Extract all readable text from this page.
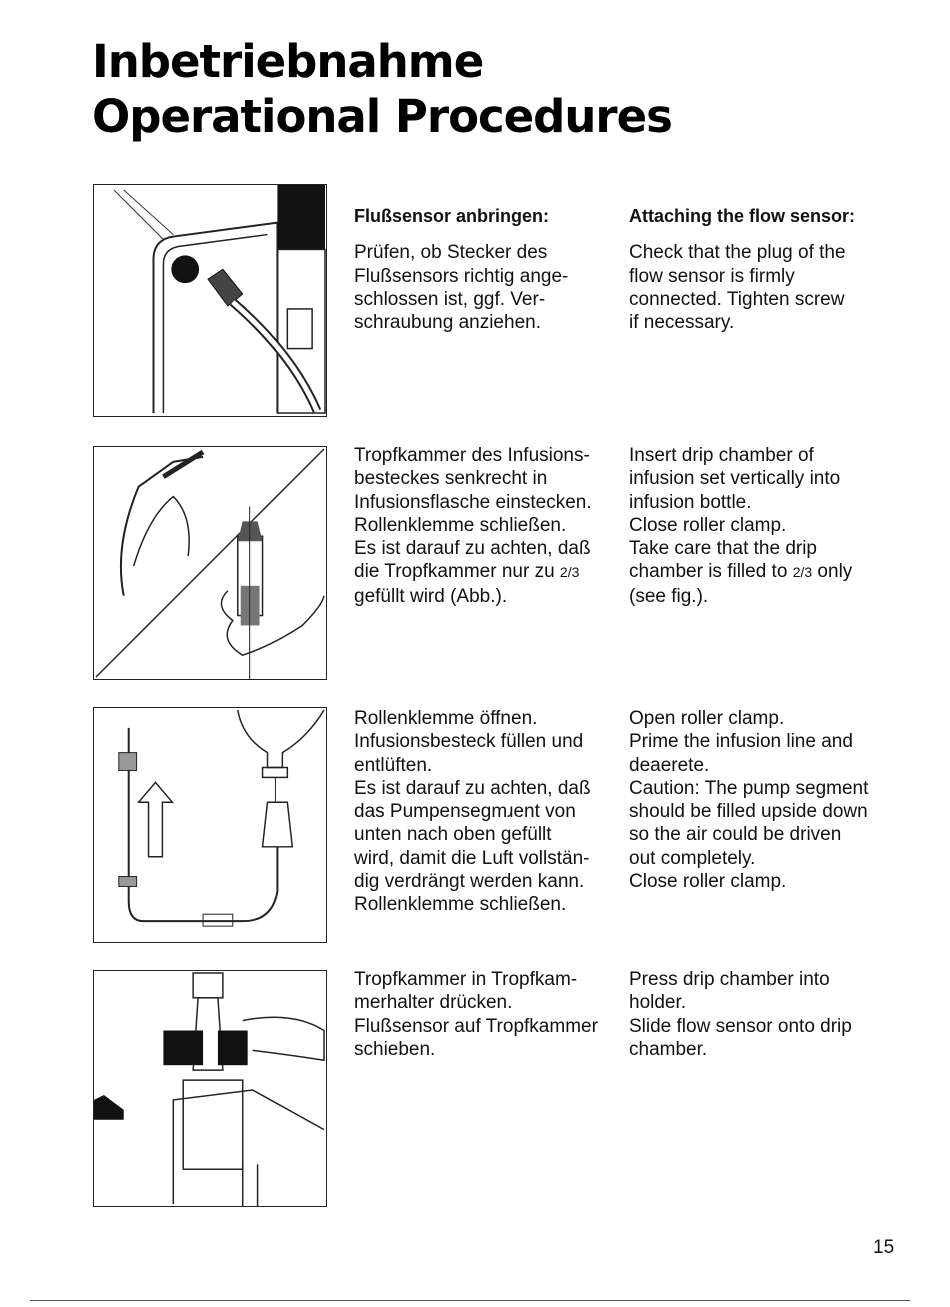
Inbetriebnahme
Operational Procedures

Flußsensor anbringen:
Prüfen, ob Stecker des
Flußsensors richtig ange-
schlossen ist, ggf. Ver-
schraubung anziehen.

Attaching the flow sensor:
Check that the plug of the
flow sensor is firmly
connected. Tighten screw
if necessary.

Tropfkammer des Infusions-
besteckes senkrecht in
Infusionsflasche einstecken.
Rollenklemme schließen.
Es ist darauf zu achten, daß
die Tropfkammer nur zu 2/3
gefüllt wird (Abb.).
Insert drip chamber of
infusion set vertically into
infusion bottle.
Close roller clamp.
Take care that the drip
chamber is filled to 2/3 only
(see fig.).
Rollenklemme öffnen.
Infusionsbesteck füllen und
entlüften.
Es ist darauf zu achten, daß
das Pumpensegmɹent von
unten nach oben gefüllt
wird, damit die Luft vollstän-
dig verdrängt werden kann.
Rollenklemme schließen.
Open roller clamp.
Prime the infusion line and
deaerete.
Caution: The pump segment
should be filled upside down
so the air could be driven
out completely.
Close roller clamp.
Tropfkammer in Tropfkam-
merhalter drücken.
Flußsensor auf Tropfkammer
schieben.
Press drip chamber into
holder.
Slide flow sensor onto drip
chamber.
15
